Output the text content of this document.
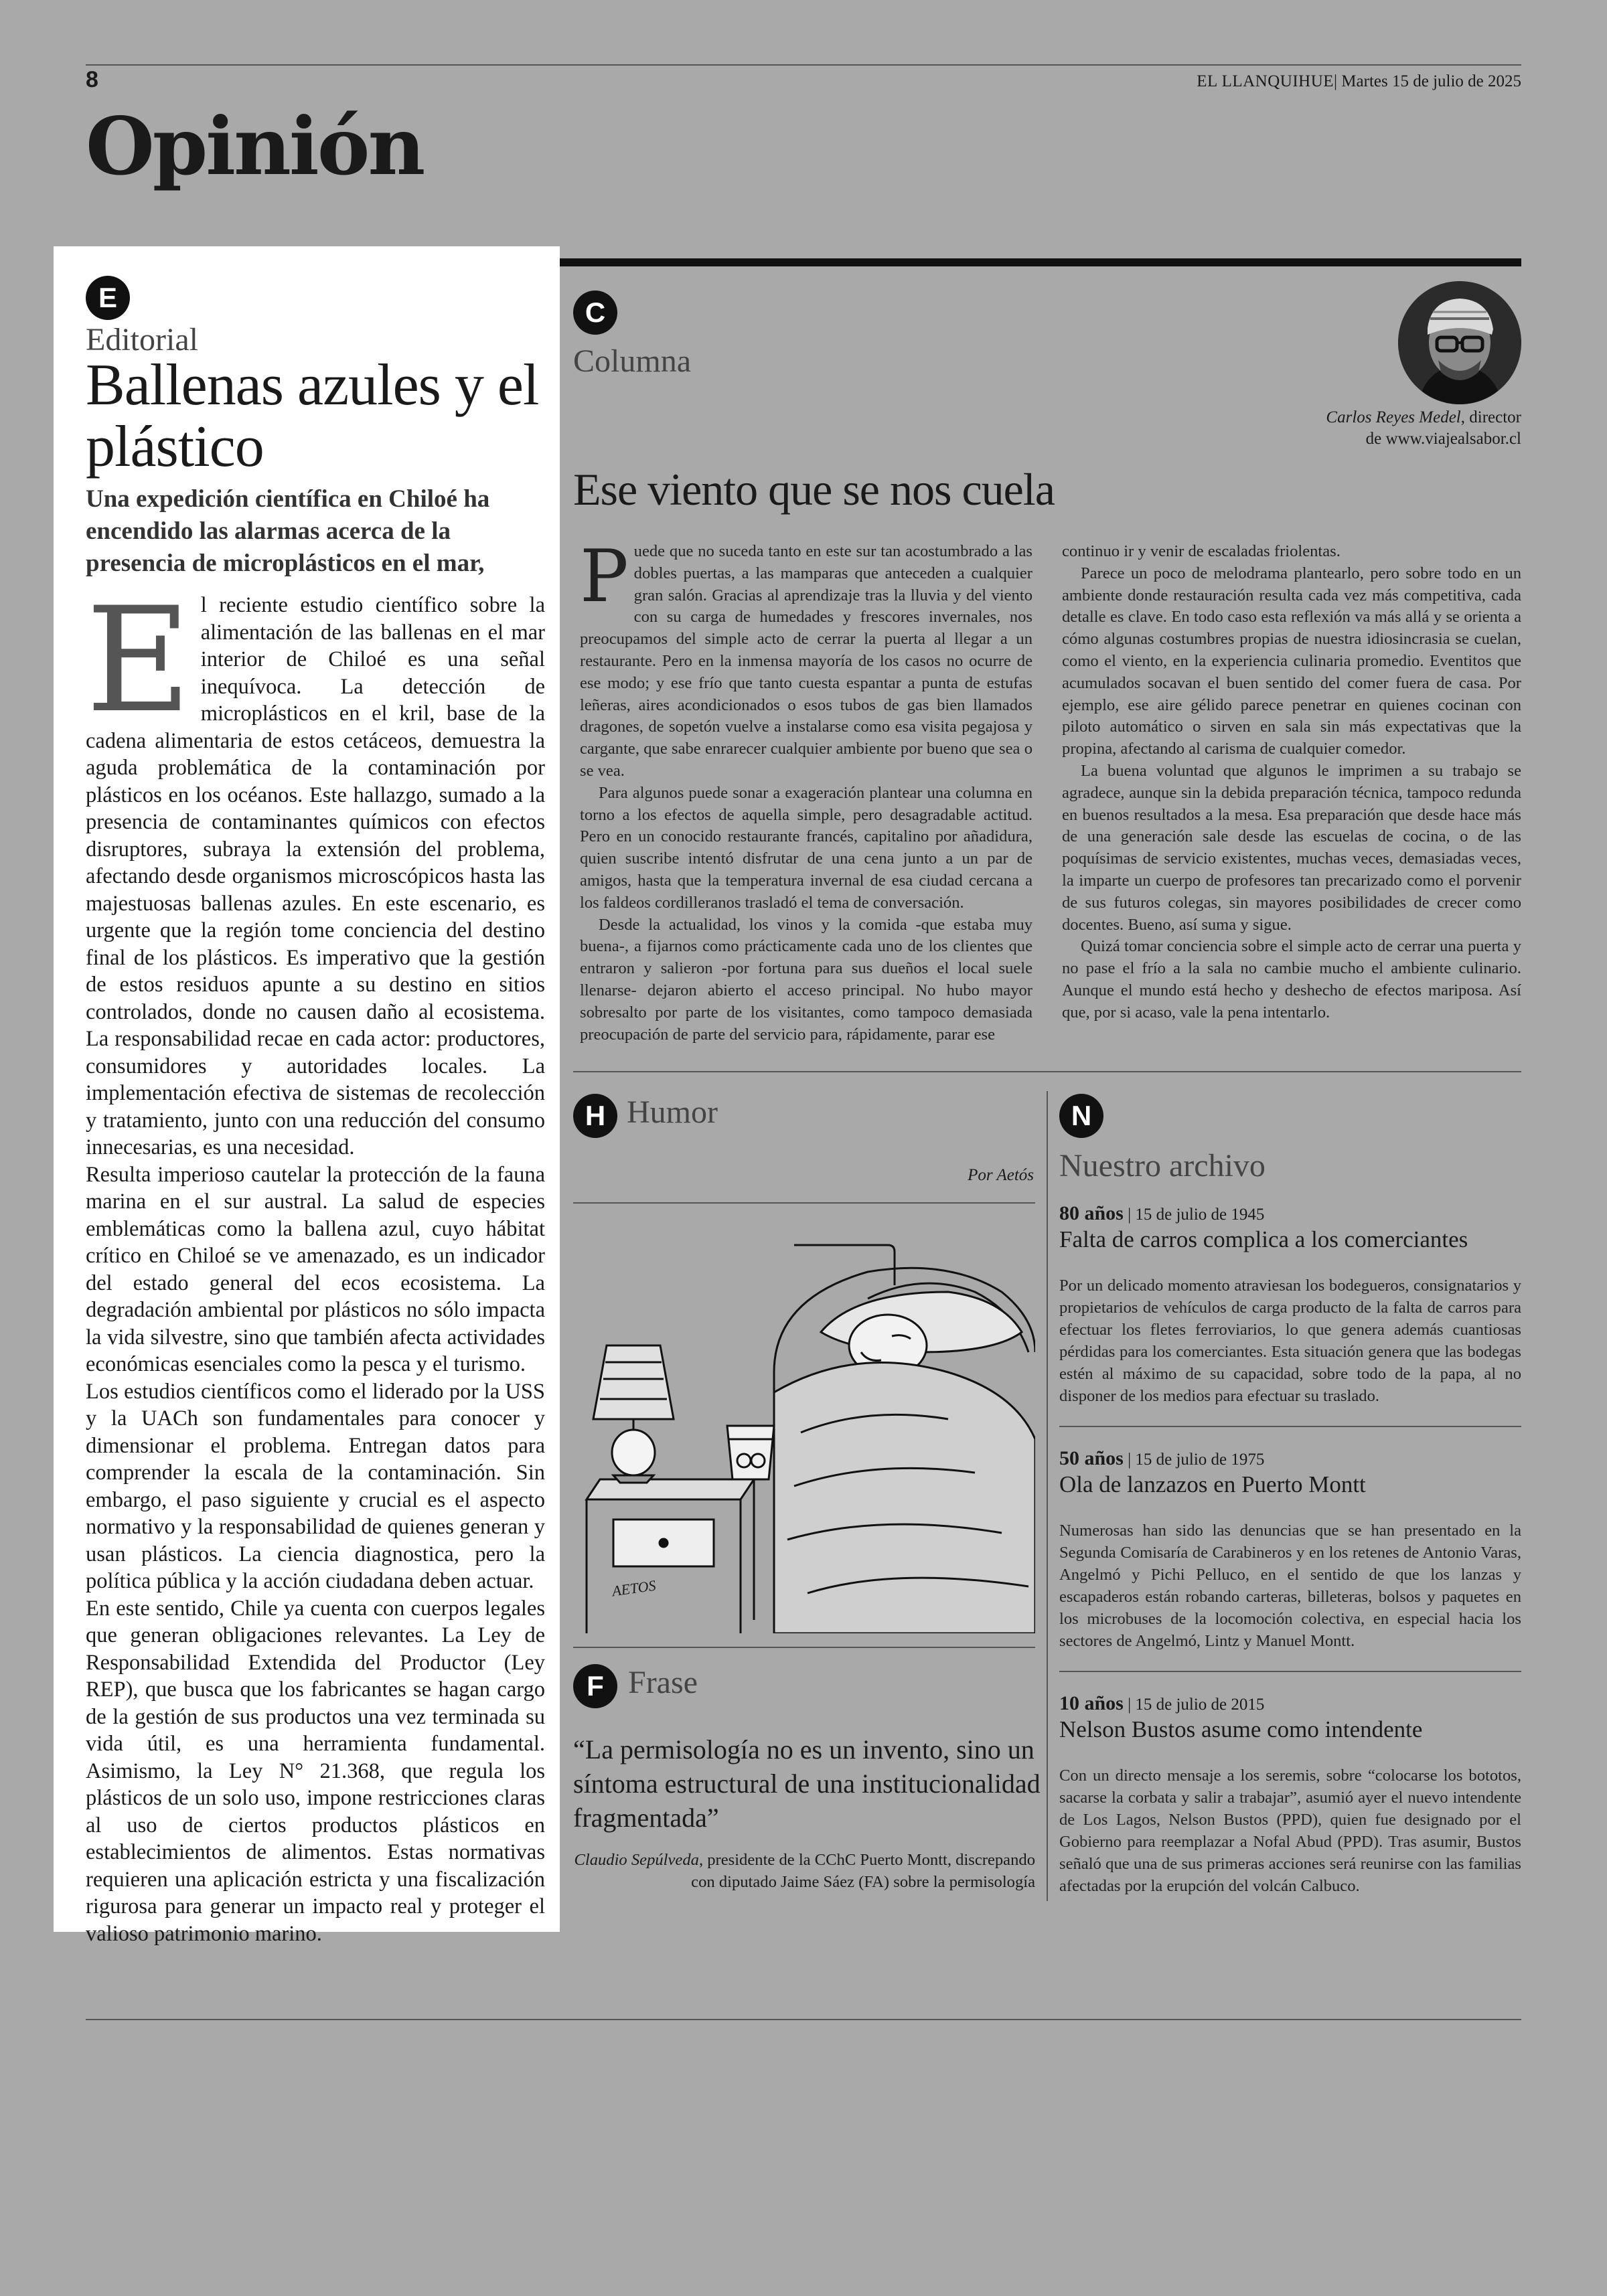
8	EL LLANQUIHUE| Martes 15 de julio de 2025
Opinión
E
Editorial
Ballenas azules y el plástico
Una expedición científica en Chiloé ha encendido las alarmas acerca de la presencia de microplásticos en el mar,

El reciente estudio científico sobre la alimentación de las ballenas en el mar interior de Chiloé es una señal inequívoca. La detección de microplásticos en el kril, base de la cadena alimentaria de estos cetáceos, demuestra la aguda problemática de la contaminación por plásticos en los océanos. Este hallazgo, sumado a la presencia de contaminantes químicos con efectos disruptores, subraya la extensión del problema, afectando desde organismos microscópicos hasta las majestuosas ballenas azules. En este escenario, es urgente que la región tome conciencia del destino final de los plásticos. Es imperativo que la gestión de estos residuos apunte a su destino en sitios controlados, donde no causen daño al ecosistema. La responsabilidad recae en cada actor: productores, consumidores y autoridades locales. La implementación efectiva de sistemas de recolección y tratamiento, junto con una reducción del consumo innecesarias, es una necesidad.

Resulta imperioso cautelar la protección de la fauna marina en el sur austral. La salud de especies emblemáticas como la ballena azul, cuyo hábitat crítico en Chiloé se ve amenazado, es un indicador del estado general del ecos ecosistema. La degradación ambiental por plásticos no sólo impacta la vida silvestre, sino que también afecta actividades económicas esenciales como la pesca y el turismo.

Los estudios científicos como el liderado por la USS y la UACh son fundamentales para conocer y dimensionar el problema. Entregan datos para comprender la escala de la contaminación. Sin embargo, el paso siguiente y crucial es el aspecto normativo y la responsabilidad de quienes generan y usan plásticos. La ciencia diagnostica, pero la política pública y la acción ciudadana deben actuar.

En este sentido, Chile ya cuenta con cuerpos legales que generan obligaciones relevantes. La Ley de Responsabilidad Extendida del Productor (Ley REP), que busca que los fabricantes se hagan cargo de la gestión de sus productos una vez terminada su vida útil, es una herramienta fundamental. Asimismo, la Ley N° 21.368, que regula los plásticos de un solo uso, impone restricciones claras al uso de ciertos productos plásticos en establecimientos de alimentos. Estas normativas requieren una aplicación estricta y una fiscalización rigurosa para generar un impacto real y proteger el valioso patrimonio marino.

C
Columna
Carlos Reyes Medel, director
de www.viajealsabor.cl
Ese viento que se nos cuela

Puede que no suceda tanto en este sur tan acostumbrado a las dobles puertas, a las mamparas que anteceden a cualquier gran salón. Gracias al aprendizaje tras la lluvia y del viento con su carga de humedades y frescores invernales, nos preocupamos del simple acto de cerrar la puerta al llegar a un restaurante. Pero en la inmensa mayoría de los casos no ocurre de ese modo; y ese frío que tanto cuesta espantar a punta de estufas leñeras, aires acondicionados o esos tubos de gas bien llamados dragones, de sopetón vuelve a instalarse como esa visita pegajosa y cargante, que sabe enrarecer cualquier ambiente por bueno que sea o se vea.

Para algunos puede sonar a exageración plantear una columna en torno a los efectos de aquella simple, pero desagradable actitud. Pero en un conocido restaurante francés, capitalino por añadidura, quien suscribe intentó disfrutar de una cena junto a un par de amigos, hasta que la temperatura invernal de esa ciudad cercana a los faldeos cordilleranos trasladó el tema de conversación.

Desde la actualidad, los vinos y la comida -que estaba muy buena-, a fijarnos como prácticamente cada uno de los clientes que entraron y salieron -por fortuna para sus dueños el local suele llenarse- dejaron abierto el acceso principal. No hubo mayor sobresalto por parte de los visitantes, como tampoco demasiada preocupación de parte del servicio para, rápidamente, parar ese

continuo ir y venir de escaladas friolentas.

Parece un poco de melodrama plantearlo, pero sobre todo en un ambiente donde restauración resulta cada vez más competitiva, cada detalle es clave. En todo caso esta reflexión va más allá y se orienta a cómo algunas costumbres propias de nuestra idiosincrasia se cuelan, como el viento, en la experiencia culinaria promedio. Eventitos que acumulados socavan el buen sentido del comer fuera de casa. Por ejemplo, ese aire gélido parece penetrar en quienes cocinan con piloto automático o sirven en sala sin más expectativas que la propina, afectando al carisma de cualquier comedor.

La buena voluntad que algunos le imprimen a su trabajo se agradece, aunque sin la debida preparación técnica, tampoco redunda en buenos resultados a la mesa. Esa preparación que desde hace más de una generación sale desde las escuelas de cocina, o de las poquísimas de servicio existentes, muchas veces, demasiadas veces, la imparte un cuerpo de profesores tan precarizado como el porvenir de sus futuros colegas, sin mayores posibilidades de crecer como docentes. Bueno, así suma y sigue.

Quizá tomar conciencia sobre el simple acto de cerrar una puerta y no pase el frío a la sala no cambie mucho el ambiente culinario. Aunque el mundo está hecho y deshecho de efectos mariposa. Así que, por si acaso, vale la pena intentarlo.

H Humor
Por Aetós
AETOS
F Frase
“La permisología no es un invento, sino un síntoma estructural de una institucionalidad fragmentada”
Claudio Sepúlveda, presidente de la CChC Puerto Montt, discrepando con diputado Jaime Sáez (FA) sobre la permisología
N
Nuestro archivo
80 años | 15 de julio de 1945
Falta de carros complica a los comerciantes
Por un delicado momento atraviesan los bodegueros, consignatarios y propietarios de vehículos de carga producto de la falta de carros para efectuar los fletes ferroviarios, lo que genera además cuantiosas pérdidas para los comerciantes. Esta situación genera que las bodegas estén al máximo de su capacidad, sobre todo de la papa, al no disponer de los medios para efectuar su traslado.
50 años | 15 de julio de 1975
Ola de lanzazos en Puerto Montt
Numerosas han sido las denuncias que se han presentado en la Segunda Comisaría de Carabineros y en los retenes de Antonio Varas, Angelmó y Pichi Pelluco, en el sentido de que los lanzas y escapaderos están robando carteras, billeteras, bolsos y paquetes en los microbuses de la locomoción colectiva, en especial hacia los sectores de Angelmó, Lintz y Manuel Montt.
10 años | 15 de julio de 2015
Nelson Bustos asume como intendente
Con un directo mensaje a los seremis, sobre “colocarse los bototos, sacarse la corbata y salir a trabajar”, asumió ayer el nuevo intendente de Los Lagos, Nelson Bustos (PPD), quien fue designado por el Gobierno para reemplazar a Nofal Abud (PPD). Tras asumir, Bustos señaló que una de sus primeras acciones será reunirse con las familias afectadas por la erupción del volcán Calbuco.
